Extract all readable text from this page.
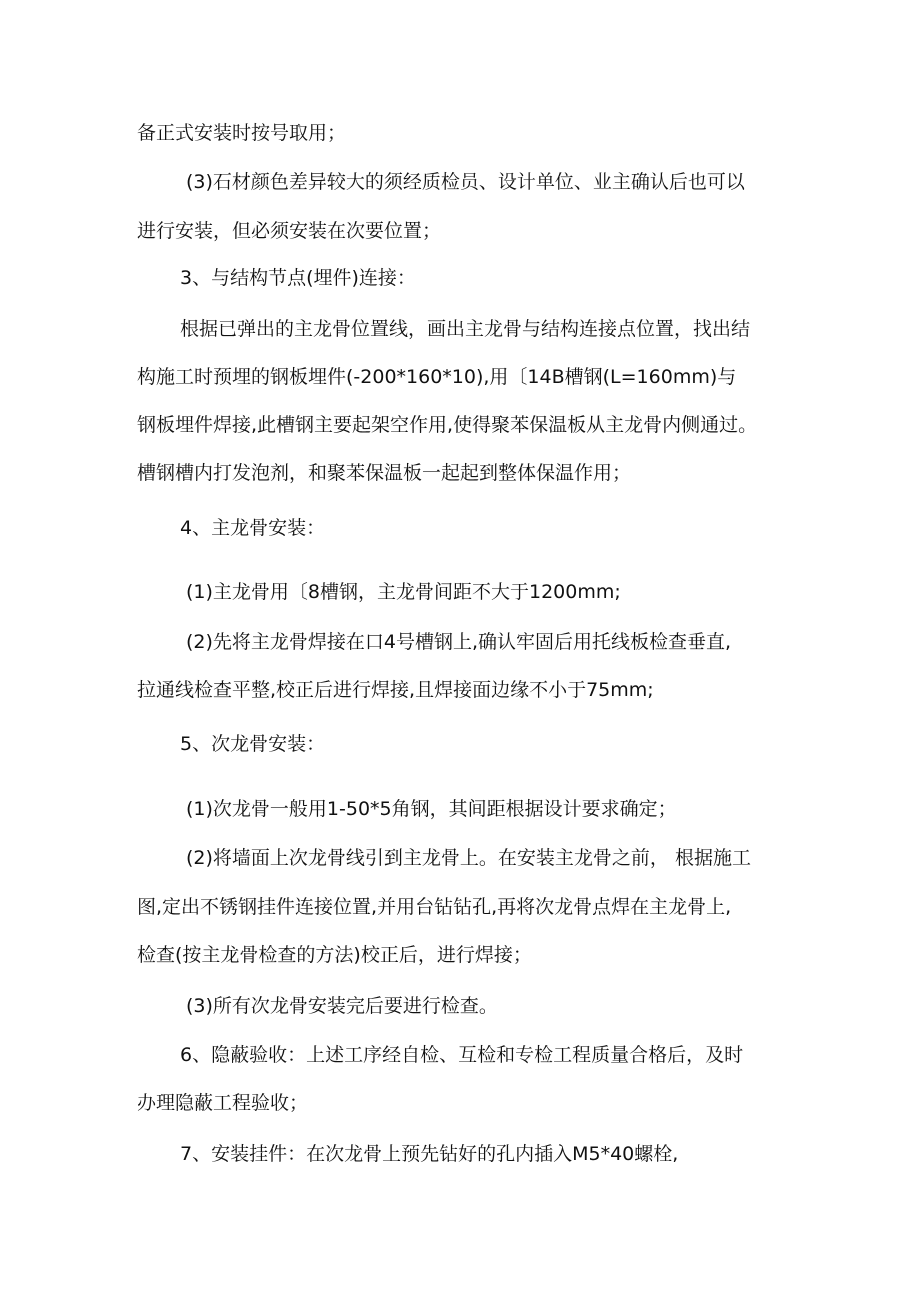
备正式安装时按号取用；
(3)石材颜色差异较大的须经质检员、设计单位、业主确认后也可以
进行安装，但必须安装在次要位置；
3、与结构节点(埋件)连接：
根据已弹出的主龙骨位置线，画出主龙骨与结构连接点位置，找出结
构施工时预埋的钢板埋件(-200*160*10),用〔14B槽钢(L=160mm)与
钢板埋件焊接,此槽钢主要起架空作用,使得聚苯保温板从主龙骨内侧通过。
槽钢槽内打发泡剂，和聚苯保温板一起起到整体保温作用；
4、主龙骨安装：
(1)主龙骨用〔8槽钢，主龙骨间距不大于1200mm;
(2)先将主龙骨焊接在口4号槽钢上,确认牢固后用托线板检查垂直,
拉通线检查平整,校正后进行焊接,且焊接面边缘不小于75mm;
5、次龙骨安装：
(1)次龙骨一般用1-50*5角钢，其间距根据设计要求确定；
(2)将墙面上次龙骨线引到主龙骨上。在安装主龙骨之前， 根据施工
图,定出不锈钢挂件连接位置,并用台钻钻孔,再将次龙骨点焊在主龙骨上,
检查(按主龙骨检查的方法)校正后，进行焊接；
(3)所有次龙骨安装完后要进行检查。
6、隐蔽验收：上述工序经自检、互检和专检工程质量合格后，及时
办理隐蔽工程验收；
7、安装挂件：在次龙骨上预先钻好的孔内插入M5*40螺栓,
